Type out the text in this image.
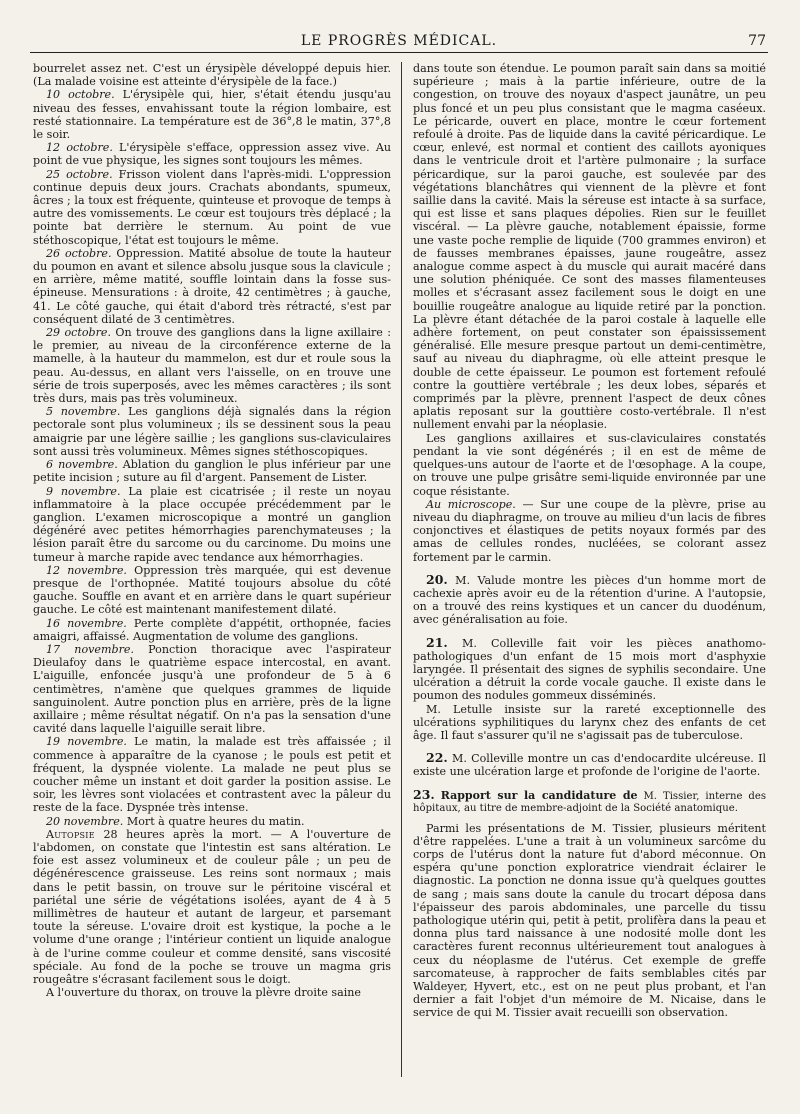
LE PROGRÈS MÉDICAL.	77

bourrelet assez net. C'est un érysipèle développé depuis hier. (La malade voisine est atteinte d'érysipèle de la face.)

10 octobre. L'érysipèle qui, hier, s'était étendu jusqu'au niveau des fesses, envahissant toute la région lombaire, est resté stationnaire. La température est de 36°,8 le matin, 37°,8 le soir.

12 octobre. L'érysipèle s'efface, oppression assez vive. Au point de vue physique, les signes sont toujours les mêmes.

25 octobre. Frisson violent dans l'après-midi. L'oppression continue depuis deux jours. Crachats abondants, spumeux, âcres ; la toux est fréquente, quinteuse et provoque de temps à autre des vomissements. Le cœur est toujours très déplacé ; la pointe bat derrière le sternum. Au point de vue stéthoscopique, l'état est toujours le même.

26 octobre. Oppression. Matité absolue de toute la hauteur du poumon en avant et silence absolu jusque sous la clavicule ; en arrière, même matité, souffle lointain dans la fosse sus-épineuse. Mensurations : à droite, 42 centimètres ; à gauche, 41. Le côté gauche, qui était d'abord très rétracté, s'est par conséquent dilaté de 3 centimètres.

29 octobre. On trouve des ganglions dans la ligne axillaire : le premier, au niveau de la circonférence externe de la mamelle, à la hauteur du mammelon, est dur et roule sous la peau. Au-dessus, en allant vers l'aisselle, on en trouve une série de trois superposés, avec les mêmes caractères ; ils sont très durs, mais pas très volumineux.

5 novembre. Les ganglions déjà signalés dans la région pectorale sont plus volumineux ; ils se dessinent sous la peau amaigrie par une légère saillie ; les ganglions sus-claviculaires sont aussi très volumineux. Mêmes signes stéthoscopiques.

6 novembre. Ablation du ganglion le plus inférieur par une petite incision ; suture au fil d'argent. Pansement de Lister.

9 novembre. La plaie est cicatrisée ; il reste un noyau inflammatoire à la place occupée précédemment par le ganglion. L'examen microscopique a montré un ganglion dégénéré avec petites hémorrhagies parenchymateuses ; la lésion paraît être du sarcome ou du carcinome. Du moins une tumeur à marche rapide avec tendance aux hémorrhagies.

12 novembre. Oppression très marquée, qui est devenue presque de l'orthopnée. Matité toujours absolue du côté gauche. Souffle en avant et en arrière dans le quart supérieur gauche. Le côté est maintenant manifestement dilaté.

16 novembre. Perte complète d'appétit, orthopnée, facies amaigri, affaissé. Augmentation de volume des ganglions.

17 novembre. Ponction thoracique avec l'aspirateur Dieulafoy dans le quatrième espace intercostal, en avant. L'aiguille, enfoncée jusqu'à une profondeur de 5 à 6 centimètres, n'amène que quelques grammes de liquide sanguinolent. Autre ponction plus en arrière, près de la ligne axillaire ; même résultat négatif. On n'a pas la sensation d'une cavité dans laquelle l'aiguille serait libre.

19 novembre. Le matin, la malade est très affaissée ; il commence à apparaître de la cyanose ; le pouls est petit et fréquent, la dyspnée violente. La malade ne peut plus se coucher même un instant et doit garder la position assise. Le soir, les lèvres sont violacées et contrastent avec la pâleur du reste de la face. Dyspnée très intense.

20 novembre. Mort à quatre heures du matin.

Autopsie 28 heures après la mort. — A l'ouverture de l'abdomen, on constate que l'intestin est sans altération. Le foie est assez volumineux et de couleur pâle ; un peu de dégénérescence graisseuse. Les reins sont normaux ; mais dans le petit bassin, on trouve sur le péritoine viscéral et pariétal une série de végétations isolées, ayant de 4 à 5 millimètres de hauteur et autant de largeur, et parsemant toute la séreuse. L'ovaire droit est kystique, la poche a le volume d'une orange ; l'intérieur contient un liquide analogue à de l'urine comme couleur et comme densité, sans viscosité spéciale. Au fond de la poche se trouve un magma gris rougeâtre s'écrasant facilement sous le doigt.

A l'ouverture du thorax, on trouve la plèvre droite saine

dans toute son étendue. Le poumon paraît sain dans sa moitié supérieure ; mais à la partie inférieure, outre de la congestion, on trouve des noyaux d'aspect jaunâtre, un peu plus foncé et un peu plus consistant que le magma caséeux. Le péricarde, ouvert en place, montre le cœur fortement refoulé à droite. Pas de liquide dans la cavité péricardique. Le cœur, enlevé, est normal et contient des caillots ayoniques dans le ventricule droit et l'artère pulmonaire ; la surface péricardique, sur la paroi gauche, est soulevée par des végétations blanchâtres qui viennent de la plèvre et font saillie dans la cavité. Mais la séreuse est intacte à sa surface, qui est lisse et sans plaques dépolies. Rien sur le feuillet viscéral. — La plèvre gauche, notablement épaissie, forme une vaste poche remplie de liquide (700 grammes environ) et de fausses membranes épaisses, jaune rougeâtre, assez analogue comme aspect à du muscle qui aurait macéré dans une solution phéniquée. Ce sont des masses filamenteuses molles et s'écrasant assez facilement sous le doigt en une bouillie rougeâtre analogue au liquide retiré par la ponction. La plèvre étant détachée de la paroi costale à laquelle elle adhère fortement, on peut constater son épaississement généralisé. Elle mesure presque partout un demi-centimètre, sauf au niveau du diaphragme, où elle atteint presque le double de cette épaisseur. Le poumon est fortement refoulé contre la gouttière vertébrale ; les deux lobes, séparés et comprimés par la plèvre, prennent l'aspect de deux cônes aplatis reposant sur la gouttière costo-vertébrale. Il n'est nullement envahi par la néoplasie.

Les ganglions axillaires et sus-claviculaires constatés pendant la vie sont dégénérés ; il en est de même de quelques-uns autour de l'aorte et de l'œsophage. A la coupe, on trouve une pulpe grisâtre semi-liquide environnée par une coque résistante.

Au microscope. — Sur une coupe de la plèvre, prise au niveau du diaphragme, on trouve au milieu d'un lacis de fibres conjonctives et élastiques de petits noyaux formés par des amas de cellules rondes, nucléées, se colorant assez fortement par le carmin.

20. M. Valude montre les pièces d'un homme mort de cachexie après avoir eu de la rétention d'urine. A l'autopsie, on a trouvé des reins kystiques et un cancer du duodénum, avec généralisation au foie.

21. M. Colleville fait voir les pièces anathomo-pathologiques d'un enfant de 15 mois mort d'asphyxie laryngée. Il présentait des signes de syphilis secondaire. Une ulcération a détruit la corde vocale gauche. Il existe dans le poumon des nodules gommeux disséminés.

M. Letulle insiste sur la rareté exceptionnelle des ulcérations syphilitiques du larynx chez des enfants de cet âge. Il faut s'assurer qu'il ne s'agissait pas de tuberculose.

22. M. Colleville montre un cas d'endocardite ulcéreuse. Il existe une ulcération large et profonde de l'origine de l'aorte.

23. Rapport sur la candidature de M. Tissier, interne des hôpitaux, au titre de membre-adjoint de la Société anatomique.

Parmi les présentations de M. Tissier, plusieurs méritent d'être rappelées. L'une a trait à un volumineux sarcôme du corps de l'utérus dont la nature fut d'abord méconnue. On espéra qu'une ponction exploratrice viendrait éclairer le diagnostic. La ponction ne donna issue qu'à quelques gouttes de sang ; mais sans doute la canule du trocart déposa dans l'épaisseur des parois abdominales, une parcelle du tissu pathologique utérin qui, petit à petit, prolifèra dans la peau et donna plus tard naissance à une nodosité molle dont les caractères furent reconnus ultérieurement tout analogues à ceux du néoplasme de l'utérus. Cet exemple de greffe sarcomateuse, à rapprocher de faits semblables cités par Waldeyer, Hyvert, etc., est on ne peut plus probant, et l'an dernier a fait l'objet d'un mémoire de M. Nicaise, dans le service de qui M. Tissier avait recueilli son observation.
